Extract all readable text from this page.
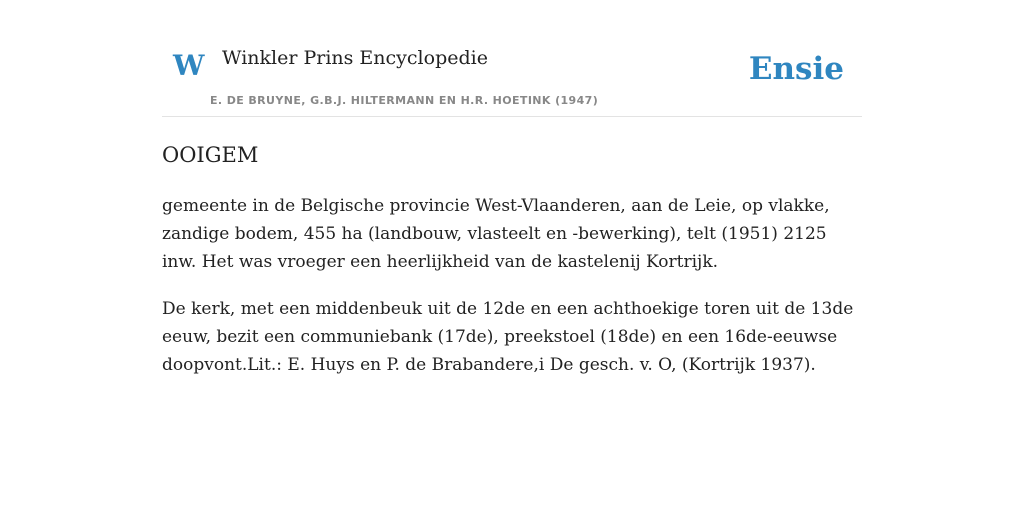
W Winkler Prins Encyclopedie
E. DE BRUYNE, G.B.J. HILTERMANN EN H.R. HOETINK (1947)
Ensie
OOIGEM

gemeente in de Belgische provincie West-Vlaanderen, aan de Leie, op vlakke, zandige bodem, 455 ha (landbouw, vlasteelt en -bewerking), telt (1951) 2125 inw. Het was vroeger een heerlijkheid van de kastelenij Kortrijk.

De kerk, met een middenbeuk uit de 12de en een achthoekige toren uit de 13de eeuw, bezit een communiebank (17de), preekstoel (18de) en een 16de-eeuwse doopvont.Lit.: E. Huys en P. de Brabandere,i De gesch. v. O, (Kortrijk 1937).
